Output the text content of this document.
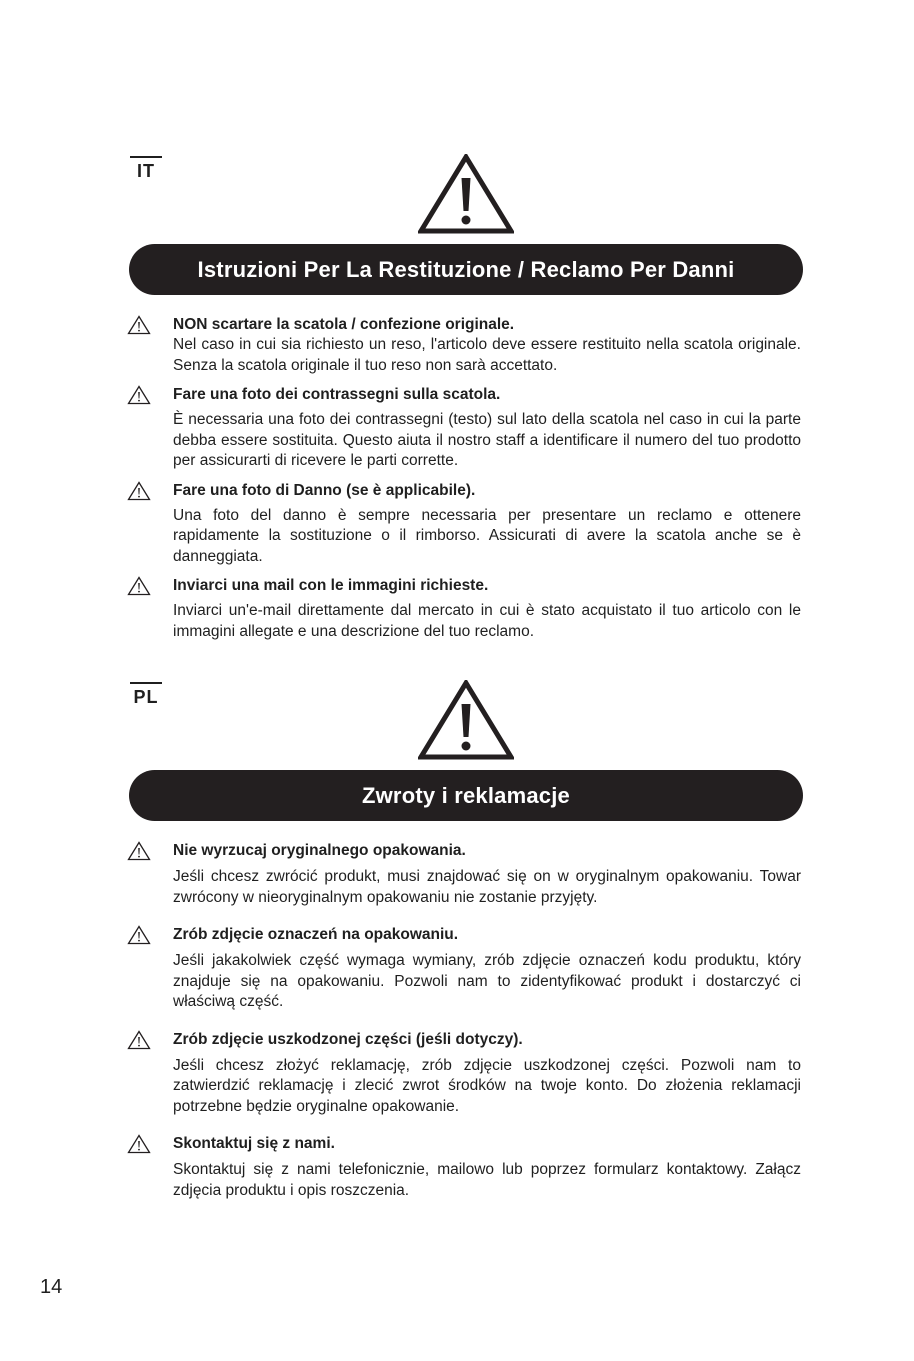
IT
Istruzioni Per La Restituzione / Reclamo Per Danni
NON scartare la scatola / confezione originale.
Nel caso in cui sia richiesto un reso, l'articolo deve essere restituito nella scatola originale. Senza la scatola originale il tuo reso non sarà accettato.
Fare una foto dei contrassegni sulla scatola.
È necessaria una foto dei contrassegni (testo) sul lato della scatola nel caso in cui la parte debba essere sostituita. Questo aiuta il nostro staff a identificare il numero del tuo prodotto per assicurarti di ricevere le parti corrette.
Fare una foto di Danno (se è applicabile).
Una foto del danno è sempre necessaria per presentare un reclamo e ottenere rapidamente la sostituzione o il rimborso. Assicurati di avere la scatola anche se è danneggiata.
Inviarci una mail con le immagini richieste.
Inviarci un'e-mail direttamente dal mercato in cui è stato acquistato il tuo articolo con le immagini allegate e una descrizione del tuo reclamo.
PL
Zwroty i reklamacje
Nie wyrzucaj oryginalnego opakowania.
Jeśli chcesz zwrócić produkt, musi znajdować się on w oryginalnym opakowaniu. Towar zwrócony w nieoryginalnym opakowaniu nie zostanie przyjęty.
Zrób zdjęcie oznaczeń na opakowaniu.
Jeśli jakakolwiek część wymaga wymiany, zrób zdjęcie oznaczeń kodu produktu, który znajduje się na opakowaniu. Pozwoli nam to zidentyfikować produkt i dostarczyć ci właściwą część.
Zrób zdjęcie uszkodzonej części (jeśli dotyczy).
Jeśli chcesz złożyć reklamację, zrób zdjęcie uszkodzonej części. Pozwoli nam to zatwierdzić reklamację i zlecić zwrot środków na twoje konto. Do złożenia reklamacji potrzebne będzie oryginalne opakowanie.
Skontaktuj się z nami.
Skontaktuj się z nami telefonicznie, mailowo lub poprzez formularz kontaktowy. Załącz zdjęcia produktu i opis roszczenia.
14
